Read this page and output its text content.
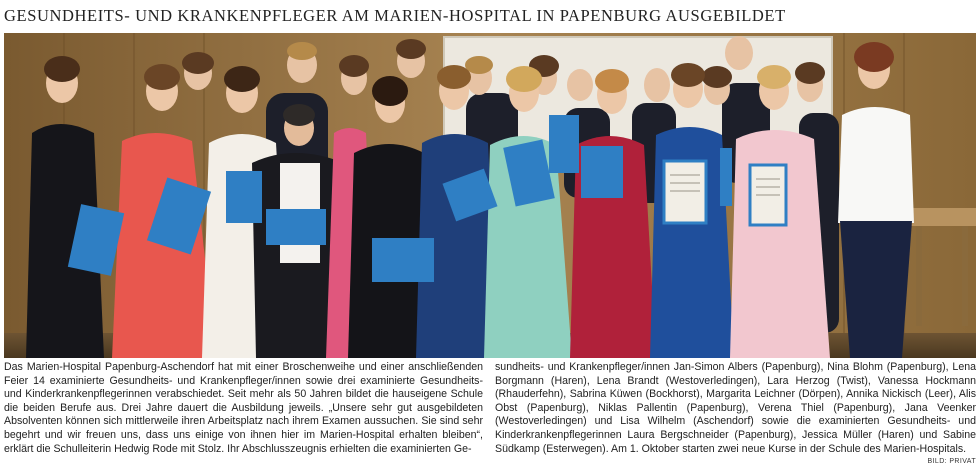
GESUNDHEITS- UND KRANKENPFLEGER AM MARIEN-HOSPITAL IN PAPENBURG AUSGEBILDET
Das Marien-Hospital Papenburg-Aschendorf hat mit einer Broschenweihe und einer anschließenden Feier 14 examinierte Gesundheits- und Krankenpfleger/innen sowie drei examinierte Gesundheits- und Kinderkrankenpflegerinnen verabschiedet. Seit mehr als 50 Jahren bildet die hauseigene Schule die beiden Berufe aus. Drei Jahre dauert die Ausbildung jeweils. „Unsere sehr gut ausgebildeten Absolventen können sich mittlerweile ihren Arbeitsplatz nach ihrem Examen aussuchen. Sie sind sehr begehrt und wir freuen uns, dass uns einige von ihnen hier im Marien-Hospital erhalten bleiben“, erklärt die Schulleiterin Hedwig Rode mit Stolz. Ihr Abschlusszeugnis erhielten die examinierten Ge-
sundheits- und Krankenpfleger/innen Jan-Simon Albers (Papenburg), Nina Blohm (Papenburg), Lena Borgmann (Haren), Lena Brandt (Westoverledingen), Lara Herzog (Twist), Vanessa Hockmann (Rhauderfehn), Sabrina Küwen (Bockhorst), Margarita Leichner (Dörpen), Annika Nickisch (Leer), Alis Obst (Papenburg), Niklas Pallentin (Papenburg), Verena Thiel (Papenburg), Jana Veenker (Westoverledingen) und Lisa Wilhelm (Aschendorf) sowie die examinierten Gesundheits- und Kinderkrankenpflegerinnen Laura Bergschneider (Papenburg), Jessica Müller (Haren) und Sabine Südkamp (Esterwegen). Am 1. Oktober starten zwei neue Kurse in der Schule des Marien-Hospitals.
BILD: PRIVAT
